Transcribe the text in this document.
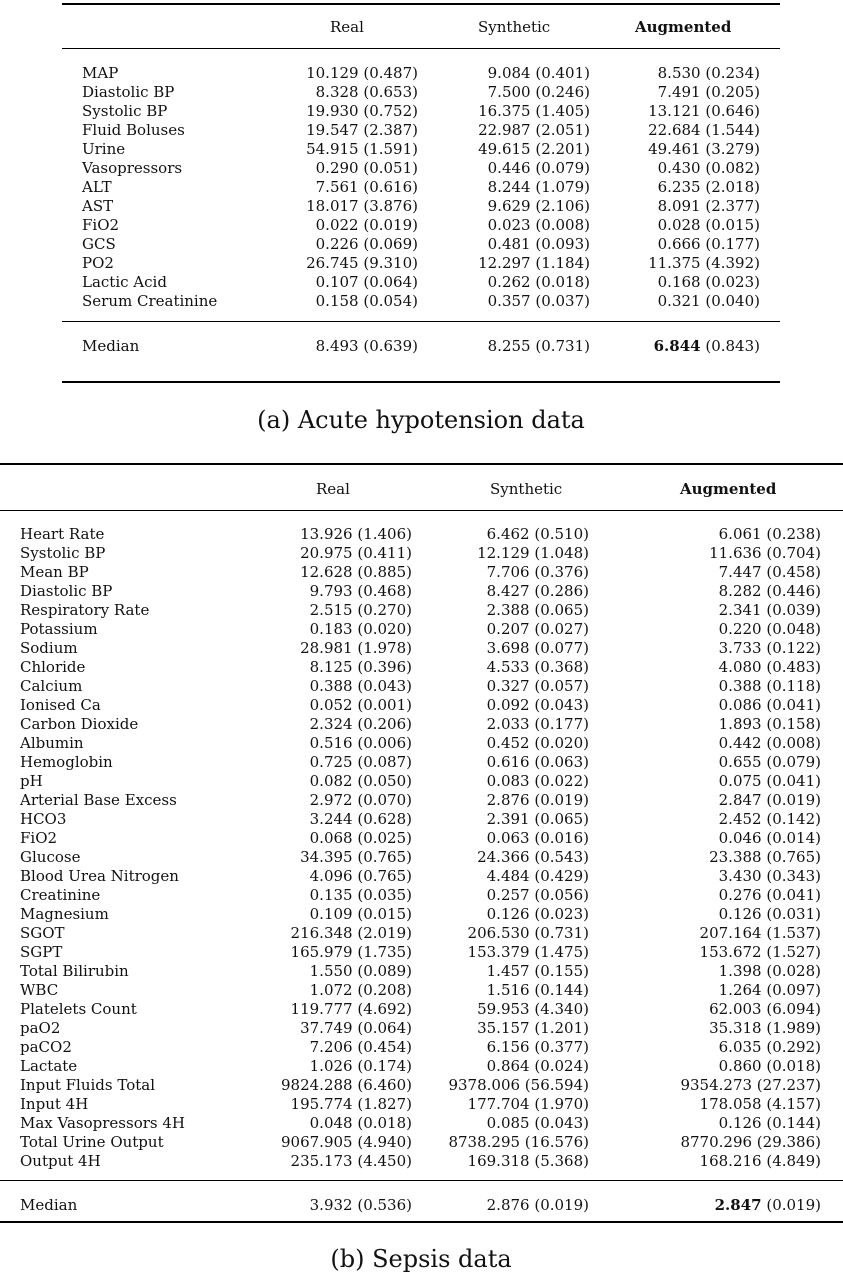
Real	Synthetic	Augmented
MAP	10.129 (0.487)	9.084 (0.401)	8.530 (0.234)
Diastolic BP	8.328 (0.653)	7.500 (0.246)	7.491 (0.205)
Systolic BP	19.930 (0.752)	16.375 (1.405)	13.121 (0.646)
Fluid Boluses	19.547 (2.387)	22.987 (2.051)	22.684 (1.544)
Urine	54.915 (1.591)	49.615 (2.201)	49.461 (3.279)
Vasopressors	0.290 (0.051)	0.446 (0.079)	0.430 (0.082)
ALT	7.561 (0.616)	8.244 (1.079)	6.235 (2.018)
AST	18.017 (3.876)	9.629 (2.106)	8.091 (2.377)
FiO2	0.022 (0.019)	0.023 (0.008)	0.028 (0.015)
GCS	0.226 (0.069)	0.481 (0.093)	0.666 (0.177)
PO2	26.745 (9.310)	12.297 (1.184)	11.375 (4.392)
Lactic Acid	0.107 (0.064)	0.262 (0.018)	0.168 (0.023)
Serum Creatinine	0.158 (0.054)	0.357 (0.037)	0.321 (0.040)
Median	8.493 (0.639)	8.255 (0.731)	6.844 (0.843)
(a) Acute hypotension data
Real	Synthetic	Augmented
Heart Rate	13.926 (1.406)	6.462 (0.510)	6.061 (0.238)
Systolic BP	20.975 (0.411)	12.129 (1.048)	11.636 (0.704)
Mean BP	12.628 (0.885)	7.706 (0.376)	7.447 (0.458)
Diastolic BP	9.793 (0.468)	8.427 (0.286)	8.282 (0.446)
Respiratory Rate	2.515 (0.270)	2.388 (0.065)	2.341 (0.039)
Potassium	0.183 (0.020)	0.207 (0.027)	0.220 (0.048)
Sodium	28.981 (1.978)	3.698 (0.077)	3.733 (0.122)
Chloride	8.125 (0.396)	4.533 (0.368)	4.080 (0.483)
Calcium	0.388 (0.043)	0.327 (0.057)	0.388 (0.118)
Ionised Ca	0.052 (0.001)	0.092 (0.043)	0.086 (0.041)
Carbon Dioxide	2.324 (0.206)	2.033 (0.177)	1.893 (0.158)
Albumin	0.516 (0.006)	0.452 (0.020)	0.442 (0.008)
Hemoglobin	0.725 (0.087)	0.616 (0.063)	0.655 (0.079)
pH	0.082 (0.050)	0.083 (0.022)	0.075 (0.041)
Arterial Base Excess	2.972 (0.070)	2.876 (0.019)	2.847 (0.019)
HCO3	3.244 (0.628)	2.391 (0.065)	2.452 (0.142)
FiO2	0.068 (0.025)	0.063 (0.016)	0.046 (0.014)
Glucose	34.395 (0.765)	24.366 (0.543)	23.388 (0.765)
Blood Urea Nitrogen	4.096 (0.765)	4.484 (0.429)	3.430 (0.343)
Creatinine	0.135 (0.035)	0.257 (0.056)	0.276 (0.041)
Magnesium	0.109 (0.015)	0.126 (0.023)	0.126 (0.031)
SGOT	216.348 (2.019)	206.530 (0.731)	207.164 (1.537)
SGPT	165.979 (1.735)	153.379 (1.475)	153.672 (1.527)
Total Bilirubin	1.550 (0.089)	1.457 (0.155)	1.398 (0.028)
WBC	1.072 (0.208)	1.516 (0.144)	1.264 (0.097)
Platelets Count	119.777 (4.692)	59.953 (4.340)	62.003 (6.094)
paO2	37.749 (0.064)	35.157 (1.201)	35.318 (1.989)
paCO2	7.206 (0.454)	6.156 (0.377)	6.035 (0.292)
Lactate	1.026 (0.174)	0.864 (0.024)	0.860 (0.018)
Input Fluids Total	9824.288 (6.460) 9378.006 (56.594)	9354.273 (27.237)
Input 4H	195.774 (1.827)	177.704 (1.970)	178.058 (4.157)
Max Vasopressors 4H	0.048 (0.018)	0.085 (0.043)	0.126 (0.144)
Total Urine Output	9067.905 (4.940) 8738.295 (16.576)	8770.296 (29.386)
Output 4H	235.173 (4.450)	169.318 (5.368)	168.216 (4.849)
Median	3.932 (0.536)	2.876 (0.019)	2.847 (0.019)
(b) Sepsis data
